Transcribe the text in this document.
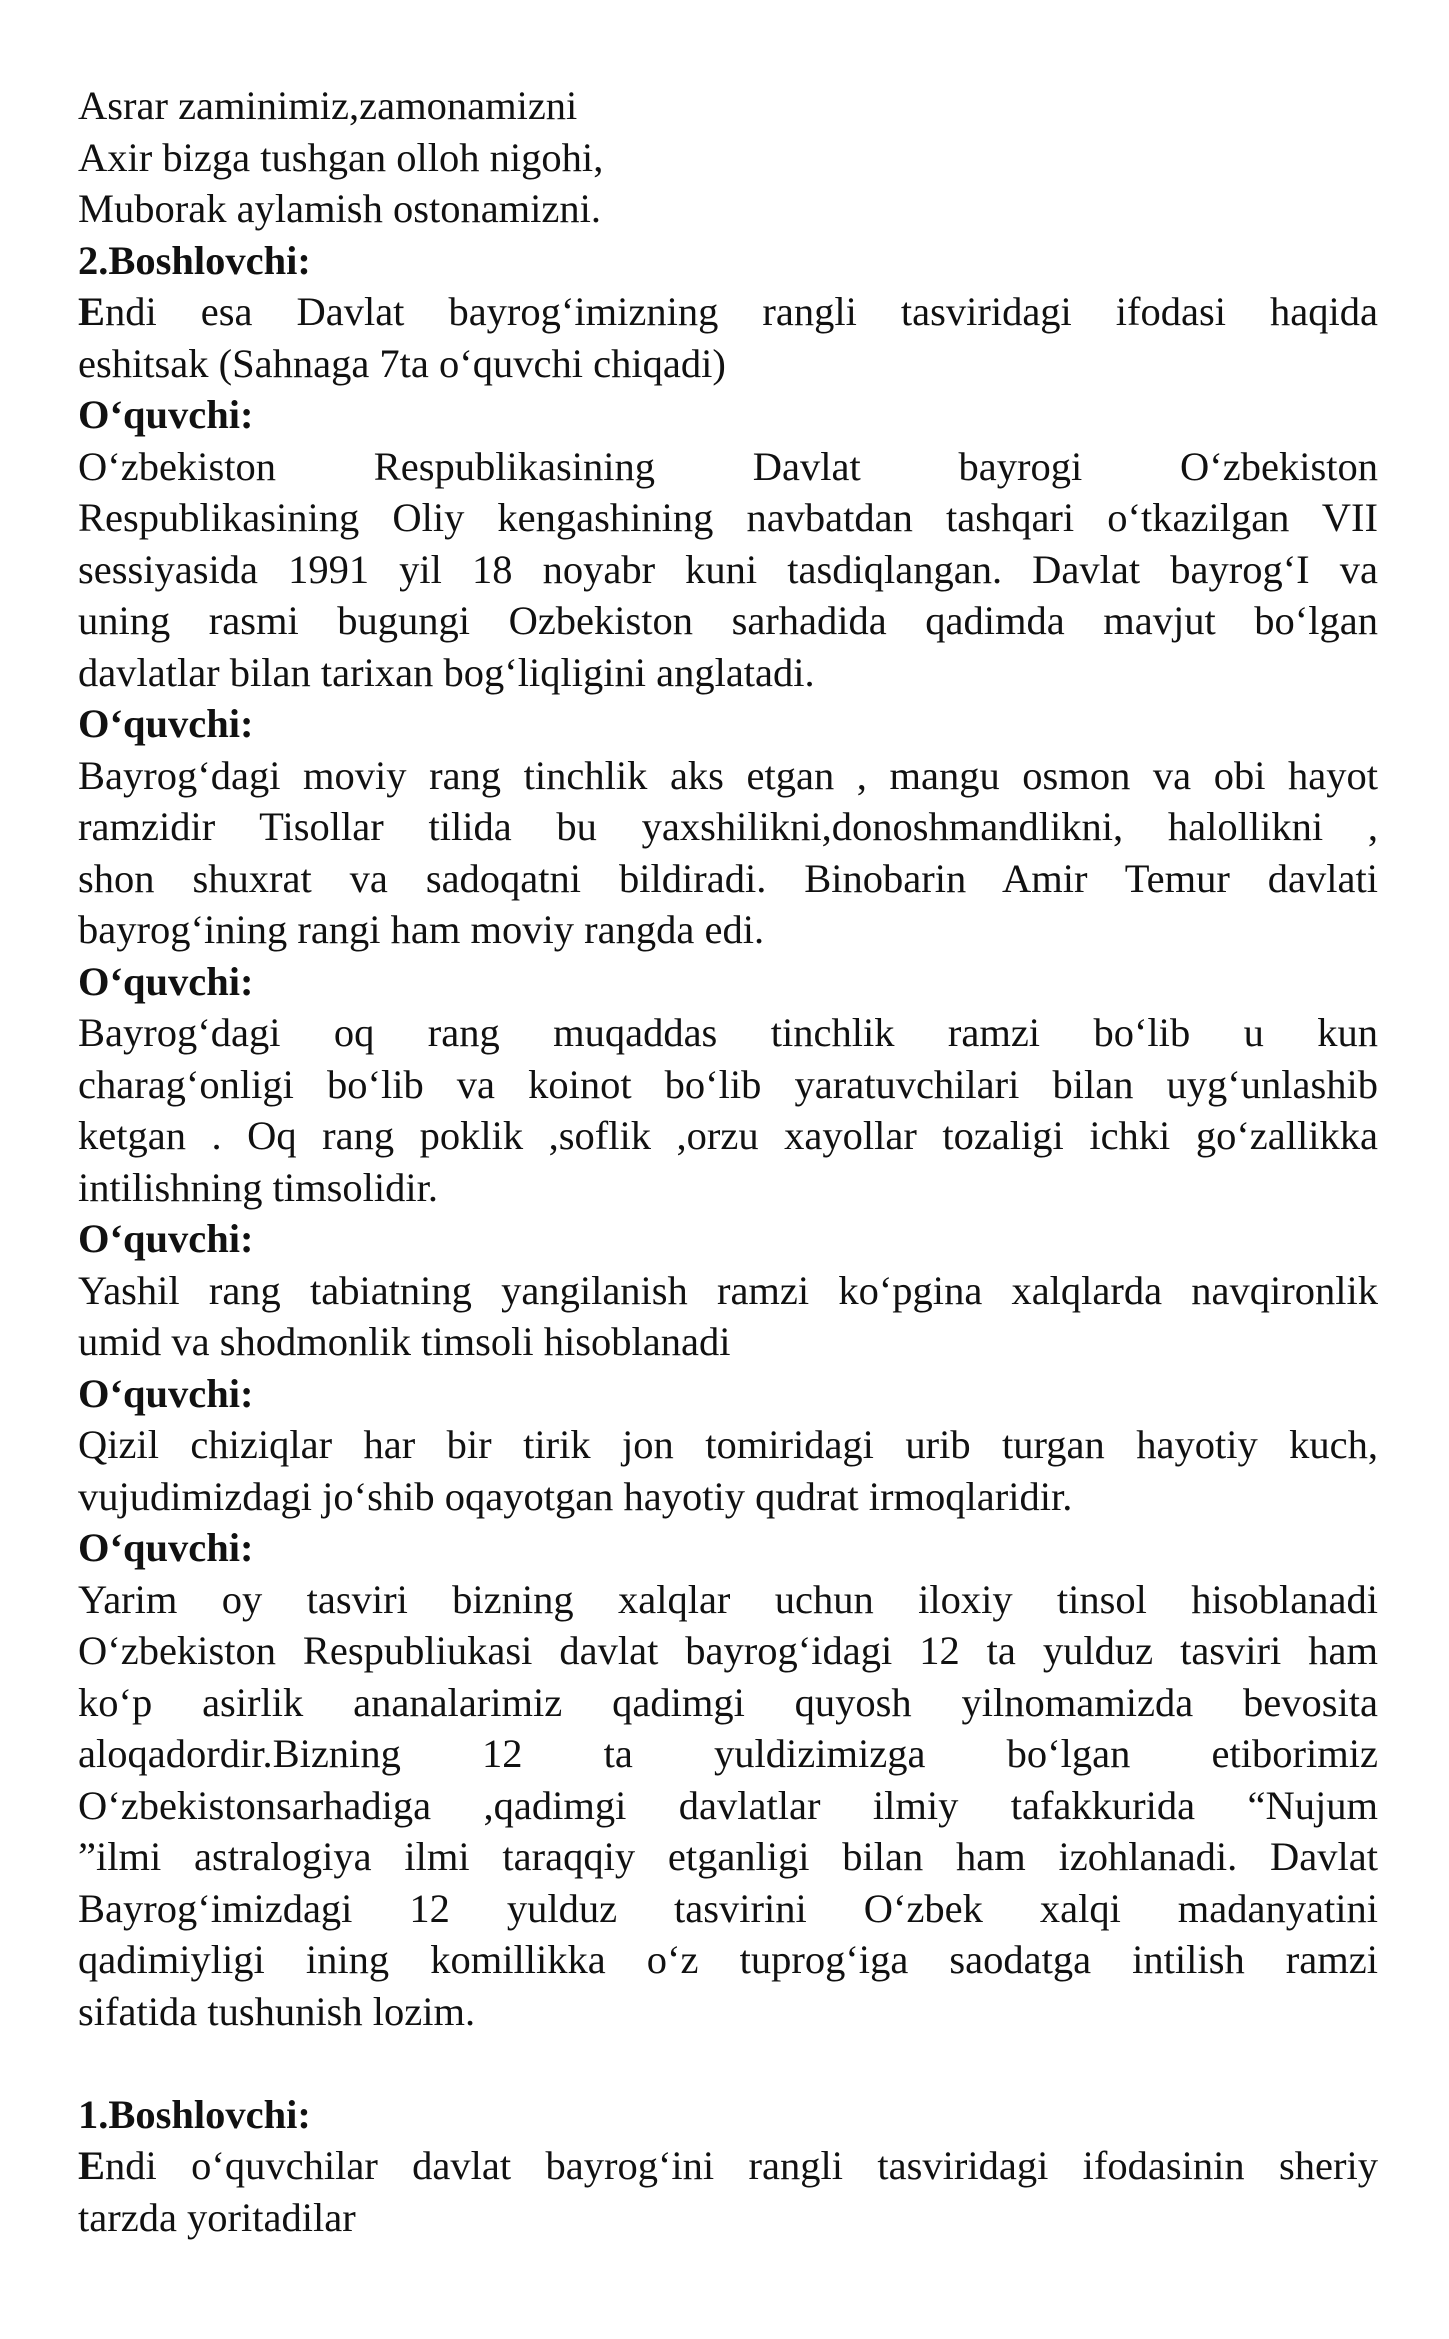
Asrar zaminimiz,zamonamizni
Axir bizga tushgan olloh nigohi,
Muborak aylamish ostonamizni.
2.Boshlovchi:
Endi esa Davlat bayrog‘imizning rangli tasviridagi ifodasi haqida
eshitsak (Sahnaga 7ta o‘quvchi chiqadi)
O‘quvchi:
O‘zbekiston Respublikasining Davlat bayrogi O‘zbekiston
Respublikasining Oliy kengashining navbatdan tashqari o‘tkazilgan VII
sessiyasida 1991 yil 18 noyabr kuni tasdiqlangan. Davlat bayrog‘I va
uning rasmi bugungi Ozbekiston sarhadida qadimda mavjut bo‘lgan
davlatlar bilan tarixan bog‘liqligini anglatadi.
O‘quvchi:
Bayrog‘dagi moviy rang tinchlik aks etgan , mangu osmon va obi hayot
ramzidir Tisollar tilida bu yaxshilikni,donoshmandlikni, halollikni ,
shon shuxrat va sadoqatni bildiradi. Binobarin Amir Temur davlati
bayrog‘ining rangi ham moviy rangda edi.
O‘quvchi:
Bayrog‘dagi oq rang muqaddas tinchlik ramzi bo‘lib u kun
charag‘onligi bo‘lib va koinot bo‘lib yaratuvchilari bilan uyg‘unlashib
ketgan . Oq rang poklik ,soflik ,orzu xayollar tozaligi ichki go‘zallikka
intilishning timsolidir.
O‘quvchi:
Yashil rang tabiatning yangilanish ramzi ko‘pgina xalqlarda navqironlik
umid va shodmonlik timsoli hisoblanadi
O‘quvchi:
Qizil chiziqlar har bir tirik jon tomiridagi urib turgan hayotiy kuch,
vujudimizdagi jo‘shib oqayotgan hayotiy qudrat irmoqlaridir.
O‘quvchi:
Yarim oy tasviri bizning xalqlar uchun iloxiy tinsol hisoblanadi
O‘zbekiston Respubliukasi davlat bayrog‘idagi 12 ta yulduz tasviri ham
ko‘p asirlik ananalarimiz qadimgi quyosh yilnomamizda bevosita
aloqadordir.Bizning 12 ta yuldizimizga bo‘lgan etiborimiz
O‘zbekistonsarhadiga ,qadimgi davlatlar ilmiy tafakkurida “Nujum
”ilmi astralogiya ilmi taraqqiy etganligi bilan ham izohlanadi. Davlat
Bayrog‘imizdagi 12 yulduz tasvirini O‘zbek xalqi madanyatini
qadimiyligi ining komillikka o‘z tuprog‘iga saodatga intilish ramzi
sifatida tushunish lozim.
1.Boshlovchi:
Endi o‘quvchilar davlat bayrog‘ini rangli tasviridagi ifodasinin sheriy
tarzda yoritadilar
